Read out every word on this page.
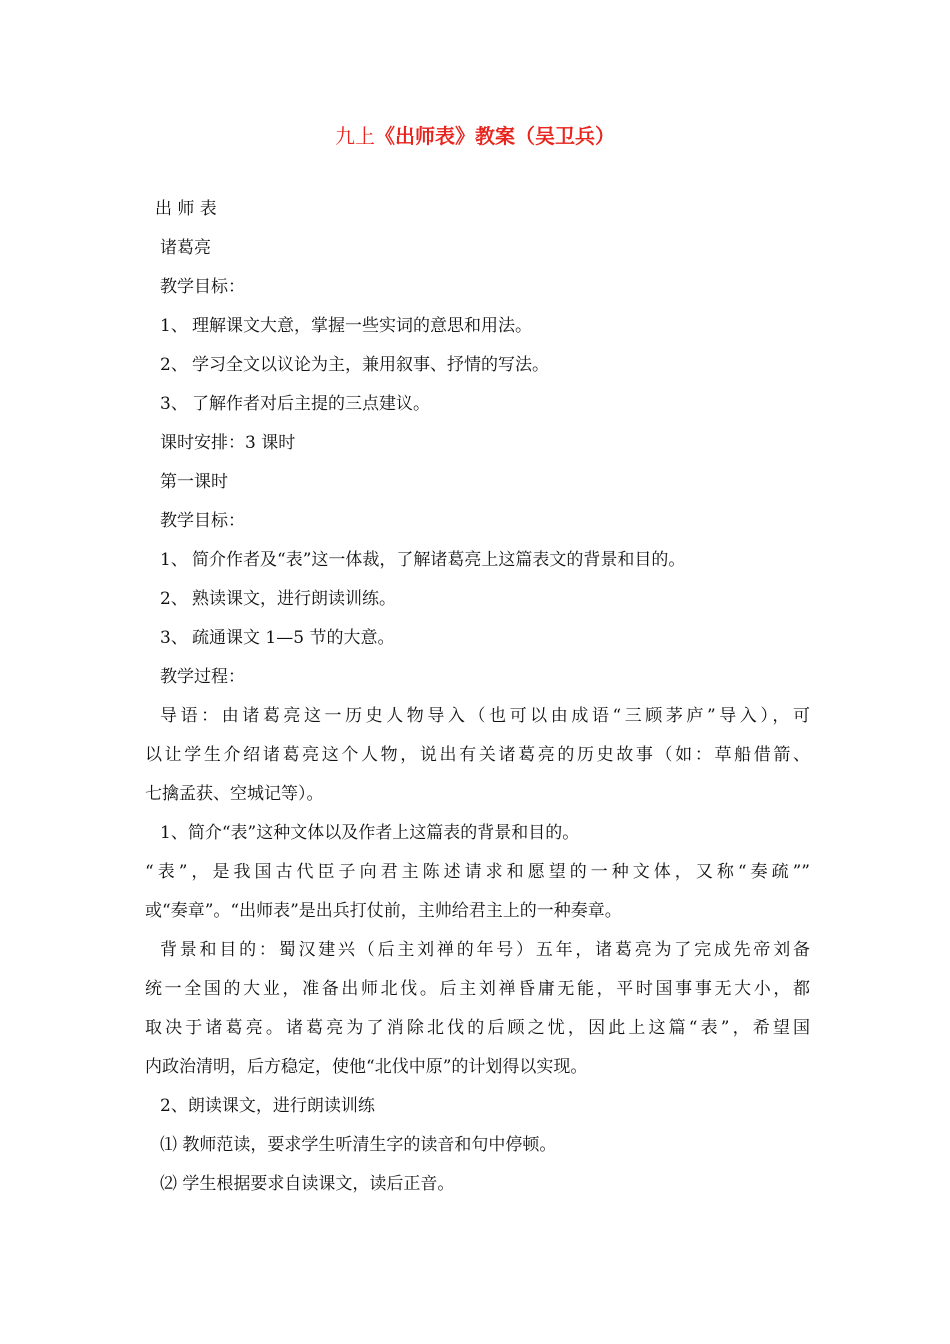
九上《出师表》教案（吴卫兵）

出 师 表

诸葛亮

教学目标：

1、 理解课文大意，掌握一些实词的意思和用法。

2、 学习全文以议论为主，兼用叙事、抒情的写法。

3、 了解作者对后主提的三点建议。

课时安排：3 课时

第一课时

教学目标：

1、 简介作者及“表”这一体裁，了解诸葛亮上这篇表文的背景和目的。

2、 熟读课文，进行朗读训练。

3、 疏通课文 1—5 节的大意。

教学过程：

导语：由诸葛亮这一历史人物导入（也可以由成语“三顾茅庐”导入），可
以让学生介绍诸葛亮这个人物，说出有关诸葛亮的历史故事（如：草船借箭、
七擒孟获、空城记等）。

1、简介“表”这种文体以及作者上这篇表的背景和目的。

“表”，是我国古代臣子向君主陈述请求和愿望的一种文体，又称“奏疏””
或“奏章”。“出师表”是出兵打仗前，主帅给君主上的一种奏章。
背景和目的：蜀汉建兴（后主刘禅的年号）五年，诸葛亮为了完成先帝刘备
统一全国的大业，准备出师北伐。后主刘禅昏庸无能，平时国事事无大小，都
取决于诸葛亮。诸葛亮为了消除北伐的后顾之忧，因此上这篇“表”，希望国
内政治清明，后方稳定，使他“北伐中原”的计划得以实现。

2、朗读课文，进行朗读训练

⑴ 教师范读，要求学生听清生字的读音和句中停顿。

⑵ 学生根据要求自读课文，读后正音。
